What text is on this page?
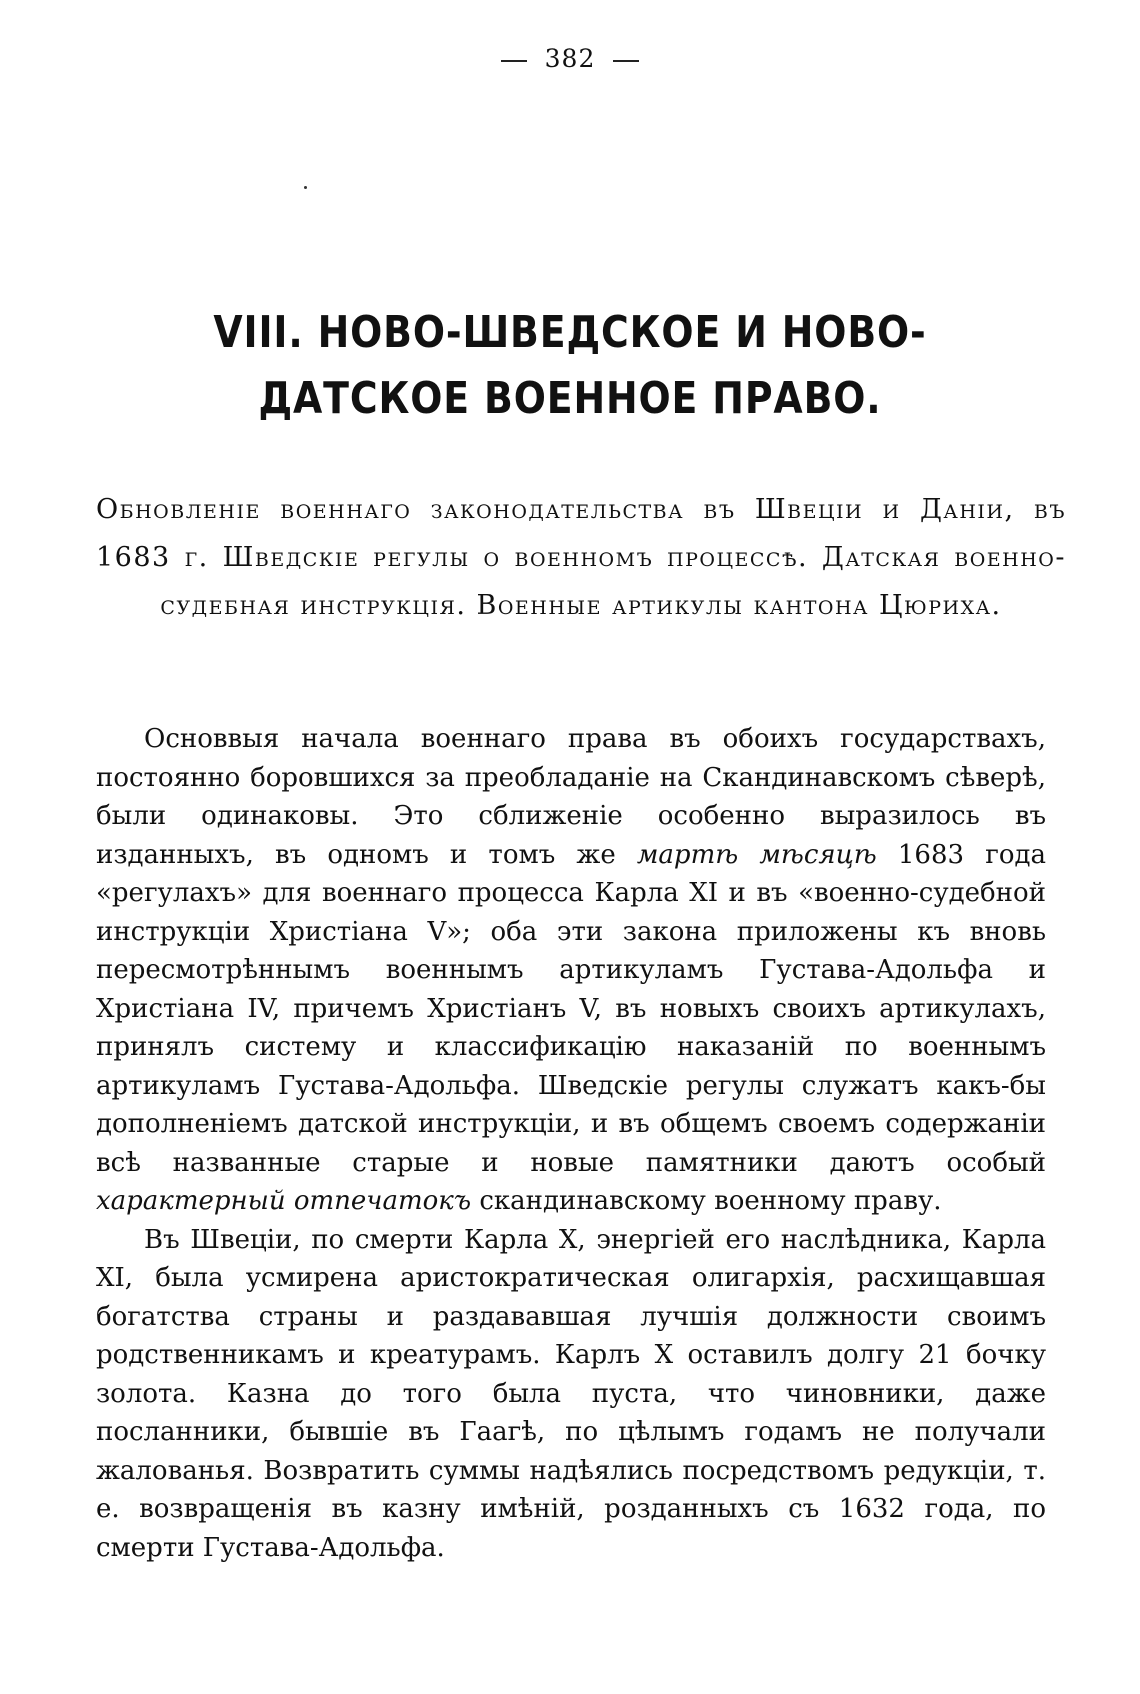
382
VIII. НОВО-ШВЕДСКОЕ И НОВО-ДАТСКОЕ ВОЕННОЕ ПРАВО.
Обновленіе военнаго законодательства въ Швеціи и Даніи, въ 1683 г. Шведскіе регулы о военномъ процессѣ. Датская военно-судебная инструкція. Военные артикулы кантона Цюриха.

Основвыя начала военнаго права въ обоихъ государствахъ, постоянно боровшихся за преобладаніе на Скандинавскомъ сѣверѣ, были одинаковы. Это сближеніе особенно выразилось въ изданныхъ, въ одномъ и томъ же мартѣ мѣсяцѣ 1683 года «регулахъ» для военнаго процесса Карла XI и въ «военно-судебной инструкціи Христіана V»; оба эти закона приложены къ вновь пересмотрѣннымъ военнымъ артикуламъ Густава-Адольфа и Христіана IV, причемъ Христіанъ V, въ новыхъ своихъ артикулахъ, принялъ систему и классификацію наказаній по военнымъ артикуламъ Густава-Адольфа. Шведскіе регулы служатъ какъ-бы дополненіемъ датской инструкціи, и въ общемъ своемъ содержаніи всѣ названные старые и новые памятники даютъ особый характерный отпечатокъ скандинавскому военному праву.

Въ Швеціи, по смерти Карла X, энергіей его наслѣдника, Карла XI, была усмирена аристократическая олигархія, расхищавшая богатства страны и раздававшая лучшія должности своимъ родственникамъ и креатурамъ. Карлъ X оставилъ долгу 21 бочку золота. Казна до того была пуста, что чиновники, даже посланники, бывшіе въ Гаагѣ, по цѣлымъ годамъ не получали жалованья. Возвратить суммы надѣялись посредствомъ редукціи, т. е. возвращенія въ казну имѣній, розданныхъ съ 1632 года, по смерти Густава-Адольфа.
